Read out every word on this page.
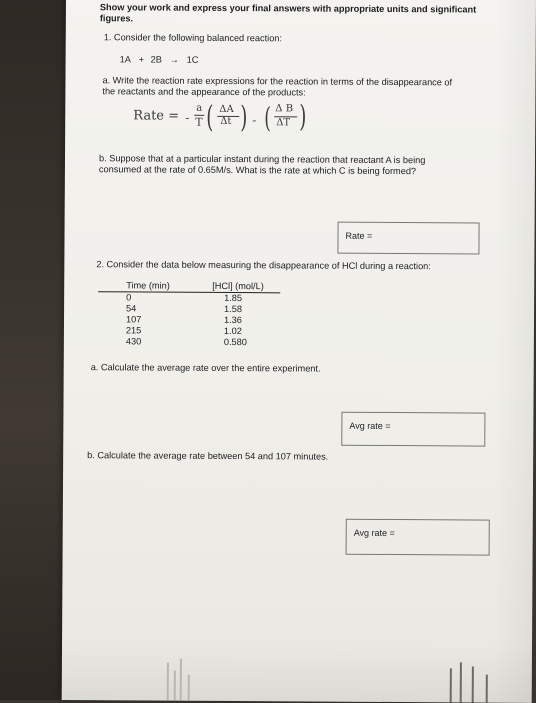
Show your work and express your final answers with appropriate units and significant
figures.
1. Consider the following balanced reaction:
1A + 2B → 1C
a. Write the reaction rate expressions for the reaction in terms of the disappearance of
the reactants and the appearance of the products:
Rate = -
a
T ( ΔA
Δt ) - ( Δ B
ΔT )
b. Suppose that at a particular instant during the reaction that reactant A is being
consumed at the rate of 0.65M/s. What is the rate at which C is being formed?
Rate =
2. Consider the data below measuring the disappearance of HCl during a reaction:
Time (min)	[HCl] (mol/L)
0	1.85
54	1.58
107	1.36
215	1.02
430	0.580
a. Calculate the average rate over the entire experiment.
Avg rate =
b. Calculate the average rate between 54 and 107 minutes.
Avg rate =
